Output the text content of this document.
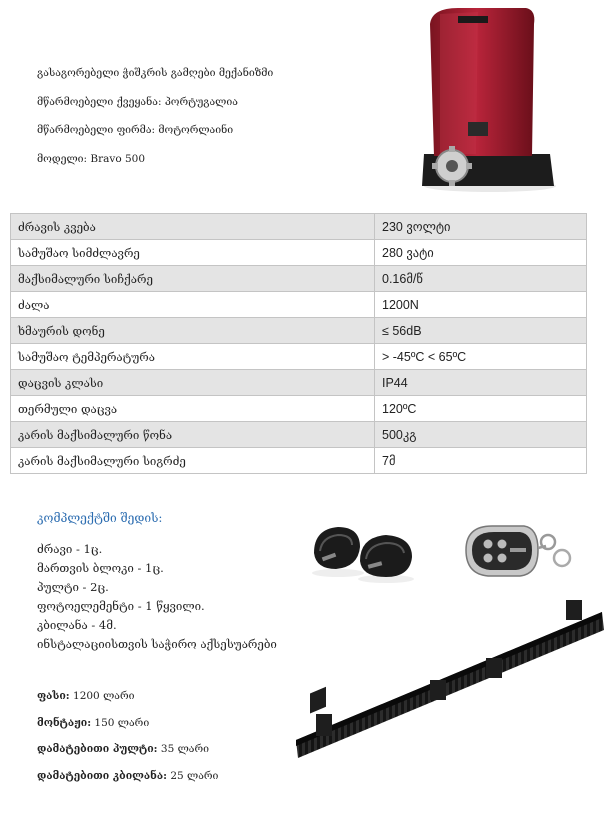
გასაგორებელი ჭიშკრის გამღები მექანიზმი
მწარმოებელი ქვეყანა: პორტუგალია
მწარმოებელი ფირმა: მოტორლაინი
მოდელი: Bravo 500
ძრავის კვება	230 ვოლტი
სამუშაო სიმძლავრე	280 ვატი
მაქსიმალური სიჩქარე	0.16მ/წ
ძალა	1200N
ხმაურის დონე	≤ 56dB
სამუშაო ტემპერატურა	> -45ºC < 65ºC
დაცვის კლასი	IP44
თერმული დაცვა	120ºC
კარის მაქსიმალური წონა	500კგ
კარის მაქსიმალური სიგრძე	7მ
კომპლექტში შედის:
ძრავი - 1ც.
მართვის ბლოკი - 1ც.
პულტი - 2ც.
ფოტოელემენტი - 1 წყვილი.
კბილანა - 4მ.
ინსტალაციისთვის საჭირო აქსესუარები
ფასი: 1200 ლარი
მონტაჟი: 150 ლარი
დამატებითი პულტი: 35 ლარი
დამატებითი კბილანა: 25 ლარი
